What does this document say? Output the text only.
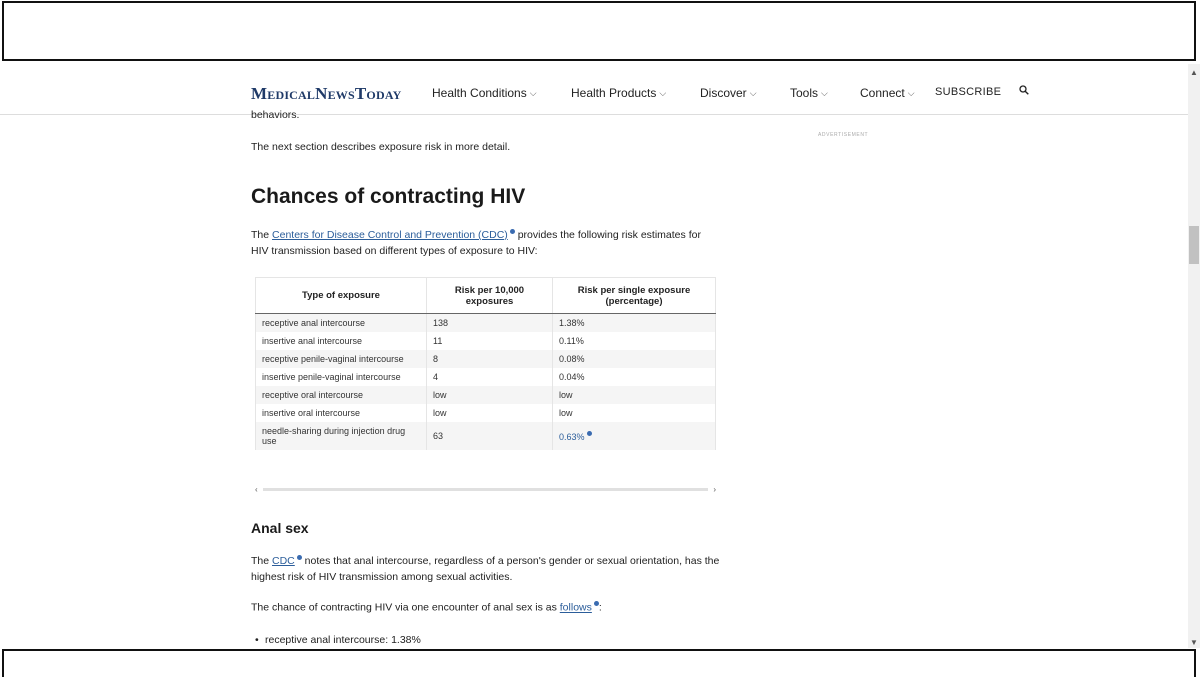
MedicalNewsToday	Health Conditions ⌵	Health Products ⌵	Discover ⌵	Tools ⌵	Connect ⌵ SUBSCRIBE
behaviors.
ADVERTISEMENT
The next section describes exposure risk in more detail.
Chances of contracting HIV
The Centers for Disease Control and Prevention (CDC) provides the following risk estimates for HIV transmission based on different types of exposure to HIV:
Type of exposure	Risk per 10,000 exposures	Risk per single exposure (percentage)
receptive anal intercourse	138	1.38%
insertive anal intercourse	11	0.11%
receptive penile-vaginal intercourse	8	0.08%
insertive penile-vaginal intercourse	4	0.04%
receptive oral intercourse	low	low
insertive oral intercourse	low	low
needle-sharing during injection drug use	63	0.63%
‹	›
Anal sex
The CDC notes that anal intercourse, regardless of a person's gender or sexual orientation, has the highest risk of HIV transmission among sexual activities.
The chance of contracting HIV via one encounter of anal sex is as follows :
• receptive anal intercourse: 1.38%
▲
▼
